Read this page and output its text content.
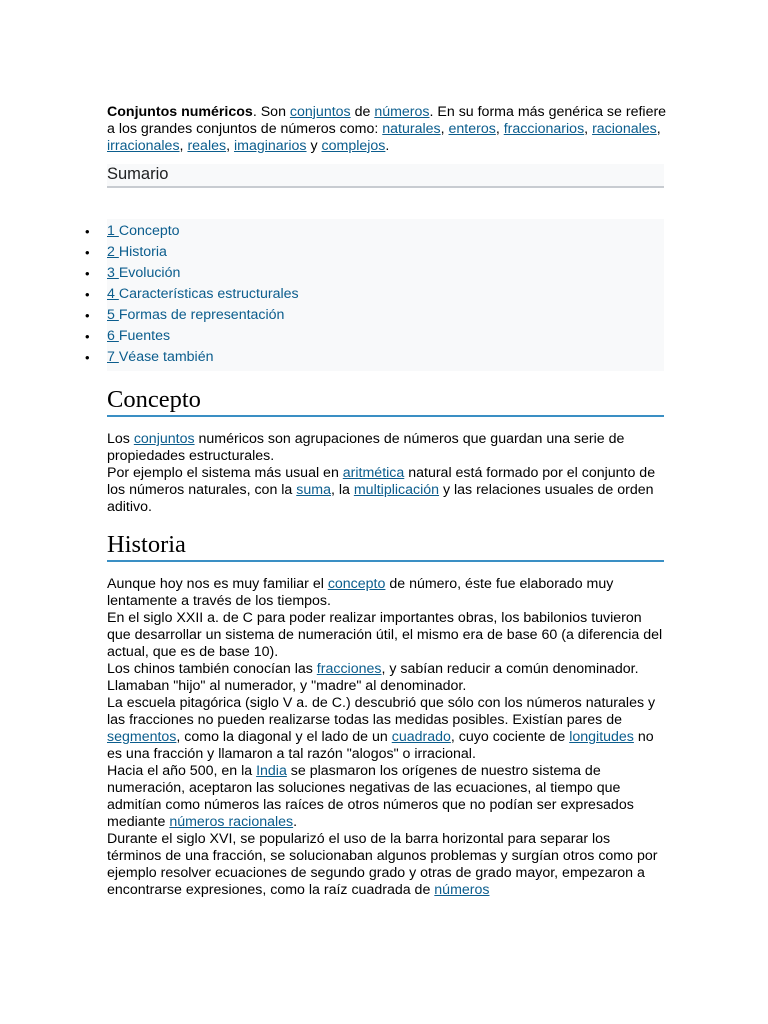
Conjuntos numéricos. Son conjuntos de números. En su forma más genérica se refiere a los grandes conjuntos de números como: naturales, enteros, fraccionarios, racionales, irracionales, reales, imaginarios y complejos.

Sumario
• 1 Concepto
• 2 Historia
• 3 Evolución
• 4 Características estructurales
• 5 Formas de representación
• 6 Fuentes
• 7 Véase también
Concepto

Los conjuntos numéricos son agrupaciones de números que guardan una serie de propiedades estructurales.

Por ejemplo el sistema más usual en aritmética natural está formado por el conjunto de los números naturales, con la suma, la multiplicación y las relaciones usuales de orden aditivo.

Historia

Aunque hoy nos es muy familiar el concepto de número, éste fue elaborado muy lentamente a través de los tiempos.

En el siglo XXII a. de C para poder realizar importantes obras, los babilonios tuvieron que desarrollar un sistema de numeración útil, el mismo era de base 60 (a diferencia del actual, que es de base 10).

Los chinos también conocían las fracciones, y sabían reducir a común denominador. Llamaban "hijo" al numerador, y "madre" al denominador.

La escuela pitagórica (siglo V a. de C.) descubrió que sólo con los números naturales y las fracciones no pueden realizarse todas las medidas posibles. Existían pares de segmentos, como la diagonal y el lado de un cuadrado, cuyo cociente de longitudes no es una fracción y llamaron a tal razón "alogos" o irracional.

Hacia el año 500, en la India se plasmaron los orígenes de nuestro sistema de numeración, aceptaron las soluciones negativas de las ecuaciones, al tiempo que admitían como números las raíces de otros números que no podían ser expresados mediante números racionales.

Durante el siglo XVI, se popularizó el uso de la barra horizontal para separar los términos de una fracción, se solucionaban algunos problemas y surgían otros como por ejemplo resolver ecuaciones de segundo grado y otras de grado mayor, empezaron a encontrarse expresiones, como la raíz cuadrada de números
